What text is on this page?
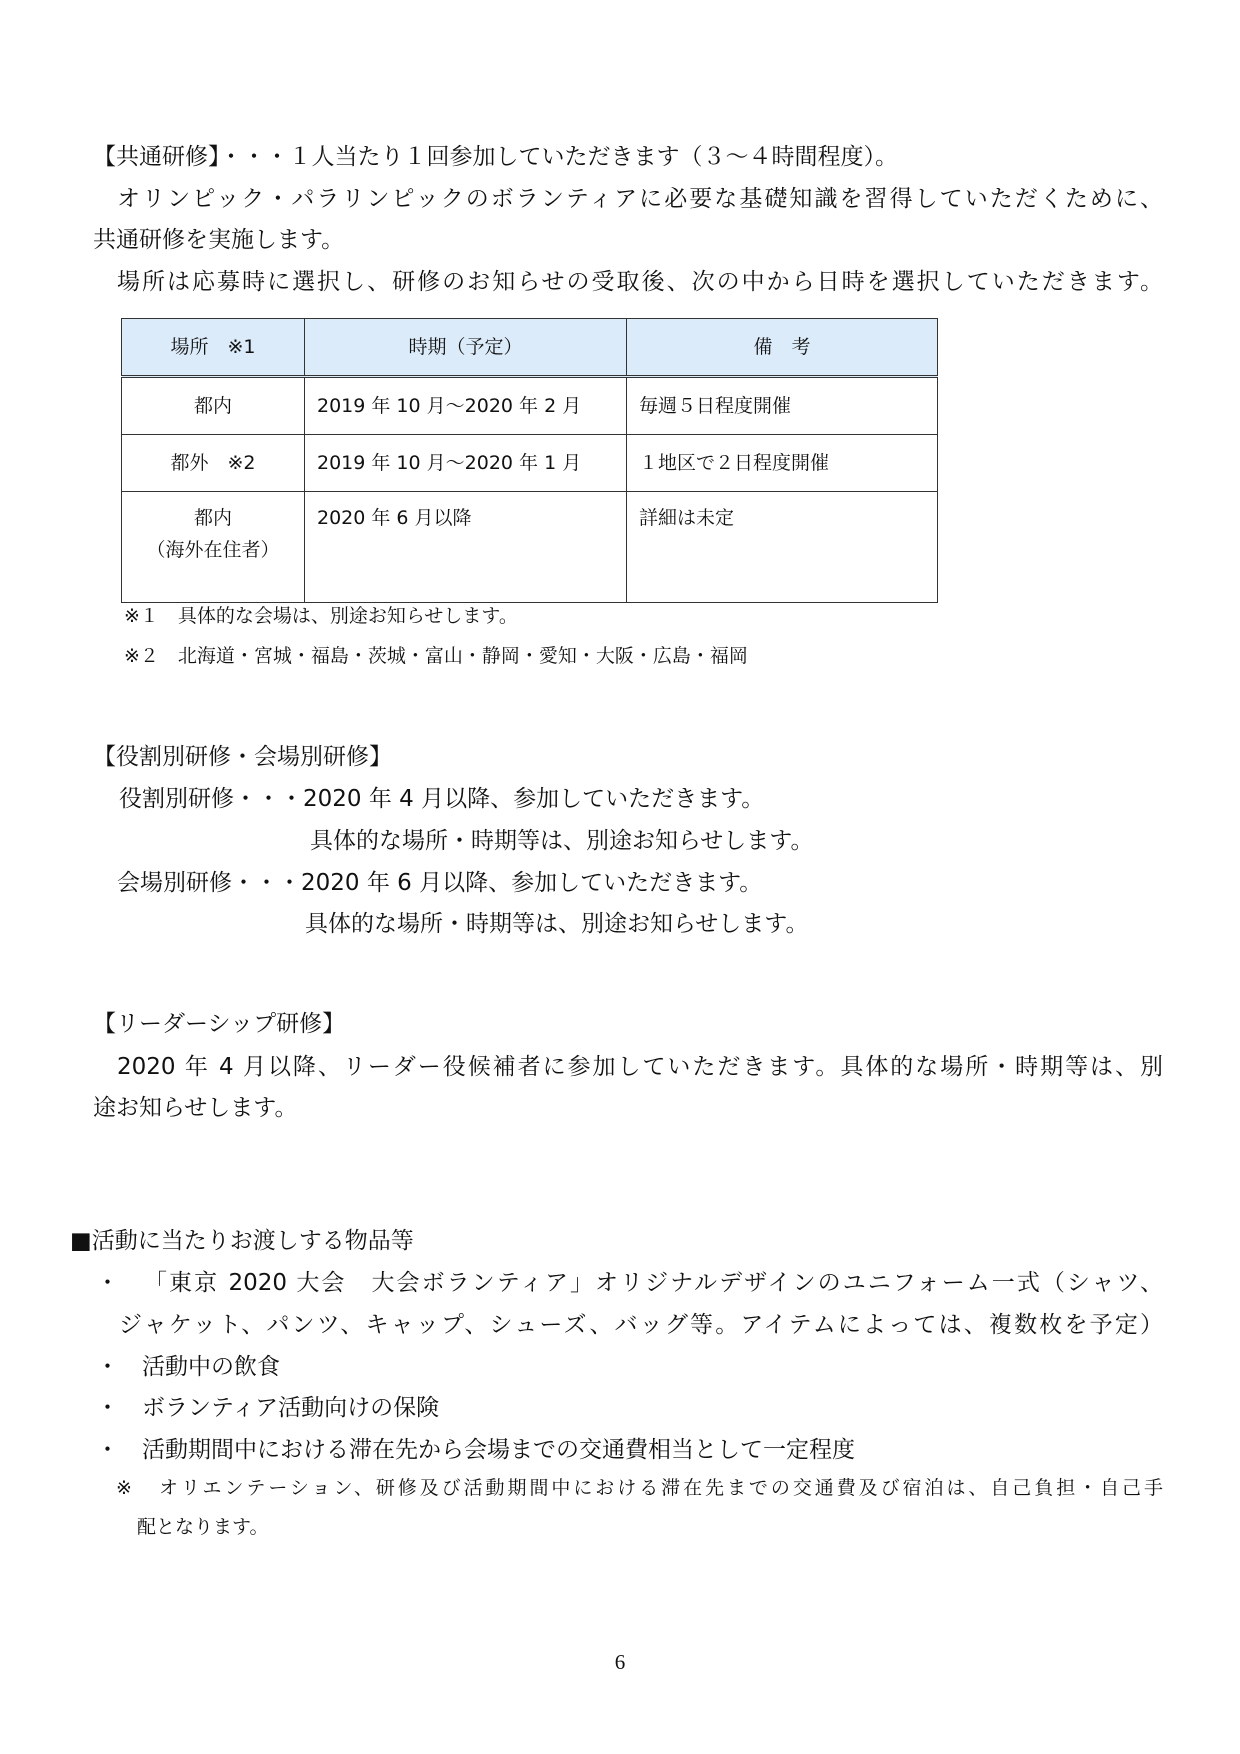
【共通研修】・・・１人当たり１回参加していただきます（３～４時間程度）。
オリンピック・パラリンピックのボランティアに必要な基礎知識を習得していただくために、
共通研修を実施します。
場所は応募時に選択し、研修のお知らせの受取後、次の中から日時を選択していただきます。
場所　※1	時期（予定）	備　考
都内	2019 年 10 月～2020 年 2 月	毎週５日程度開催
都外　※2	2019 年 10 月～2020 年 1 月	１地区で２日程度開催

都内
（海外在住者）	2020 年 6 月以降	詳細は未定
※１　具体的な会場は、別途お知らせします。
※２　北海道・宮城・福島・茨城・富山・静岡・愛知・大阪・広島・福岡
【役割別研修・会場別研修】
役割別研修・・・2020 年 4 月以降、参加していただきます。
具体的な場所・時期等は、別途お知らせします。
会場別研修・・・2020 年 6 月以降、参加していただきます。
具体的な場所・時期等は、別途お知らせします。
【リーダーシップ研修】
2020 年 4 月以降、リーダー役候補者に参加していただきます。具体的な場所・時期等は、別
途お知らせします。
■活動に当たりお渡しする物品等
・ 「東京 2020 大会　大会ボランティア」オリジナルデザインのユニフォーム一式（シャツ、
ジャケット、パンツ、キャップ、シューズ、バッグ等。アイテムによっては、複数枚を予定）
・ 活動中の飲食
・ ボランティア活動向けの保険
・ 活動期間中における滞在先から会場までの交通費相当として一定程度
※ オリエンテーション、研修及び活動期間中における滞在先までの交通費及び宿泊は、自己負担・自己手
配となります。
6
